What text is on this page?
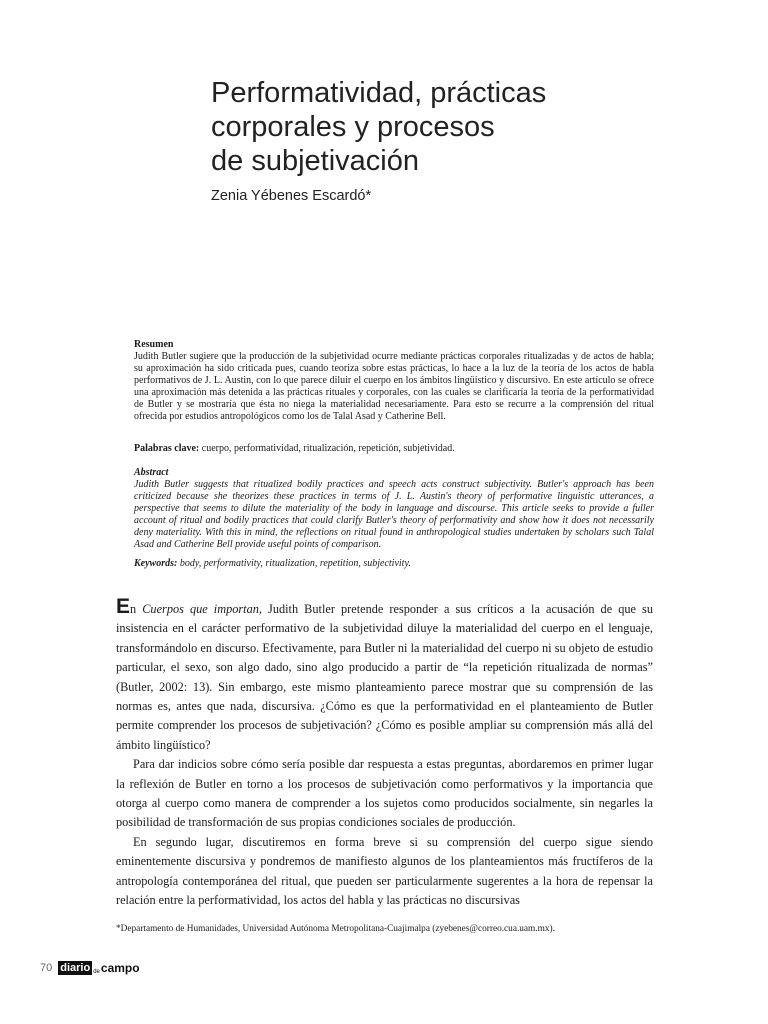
Performatividad, prácticas
corporales y procesos
de subjetivación
Zenia Yébenes Escardó*
Resumen
Judith Butler sugiere que la producción de la subjetividad ocurre mediante prácticas corporales ritualizadas y de actos de habla; su aproximación ha sido criticada pues, cuando teoriza sobre estas prácticas, lo hace a la luz de la teoría de los actos de habla performativos de J. L. Austin, con lo que parece diluir el cuerpo en los ámbitos lingüístico y discursivo. En este artículo se ofrece una aproximación más detenida a las prácticas rituales y corporales, con las cuales se clarificaría la teoría de la performatividad de Butler y se mostraría que ésta no niega la materialidad necesariamente. Para esto se recurre a la comprensión del ritual ofrecida por estudios antropológicos como los de Talal Asad y Catherine Bell.
Palabras clave: cuerpo, performatividad, ritualización, repetición, subjetividad.
Abstract
Judith Butler suggests that ritualized bodily practices and speech acts construct subjectivity. Butler's approach has been criticized because she theorizes these practices in terms of J. L. Austin's theory of performative linguistic utterances, a perspective that seems to dilute the materiality of the body in language and discourse. This article seeks to provide a fuller account of ritual and bodily practices that could clarify Butler's theory of performativity and show how it does not necessarily deny materiality. With this in mind, the reflections on ritual found in anthropological studies undertaken by scholars such Talal Asad and Catherine Bell provide useful points of comparison.
Keywords: body, performativity, ritualization, repetition, subjectivity.

En Cuerpos que importan, Judith Butler pretende responder a sus críticos a la acusación de que su insistencia en el carácter performativo de la subjetividad diluye la materialidad del cuerpo en el lenguaje, transformándolo en discurso. Efectivamente, para Butler ni la materialidad del cuerpo ni su objeto de estudio particular, el sexo, son algo dado, sino algo producido a partir de “la repetición ritualizada de normas” (Butler, 2002: 13). Sin embargo, este mismo planteamiento parece mostrar que su comprensión de las normas es, antes que nada, discursiva. ¿Cómo es que la performatividad en el planteamiento de Butler permite comprender los procesos de subjetivación? ¿Cómo es posible ampliar su comprensión más allá del ámbito lingüístico?

Para dar indicios sobre cómo sería posible dar respuesta a estas preguntas, abordaremos en primer lugar la reflexión de Butler en torno a los procesos de subjetivación como performativos y la importancia que otorga al cuerpo como manera de comprender a los sujetos como producidos socialmente, sin negarles la posibilidad de transformación de sus propias condiciones sociales de producción.

En segundo lugar, discutiremos en forma breve si su comprensión del cuerpo sigue siendo eminentemente discursiva y pondremos de manifiesto algunos de los planteamientos más fructíferos de la antropología contemporánea del ritual, que pueden ser particularmente sugerentes a la hora de repensar la relación entre la performatividad, los actos del habla y las prácticas no discursivas

*Departamento de Humanidades, Universidad Autónoma Metropolitana-Cuajimalpa (zyebenes@correo.cua.uam.mx).
70 diario de campo
